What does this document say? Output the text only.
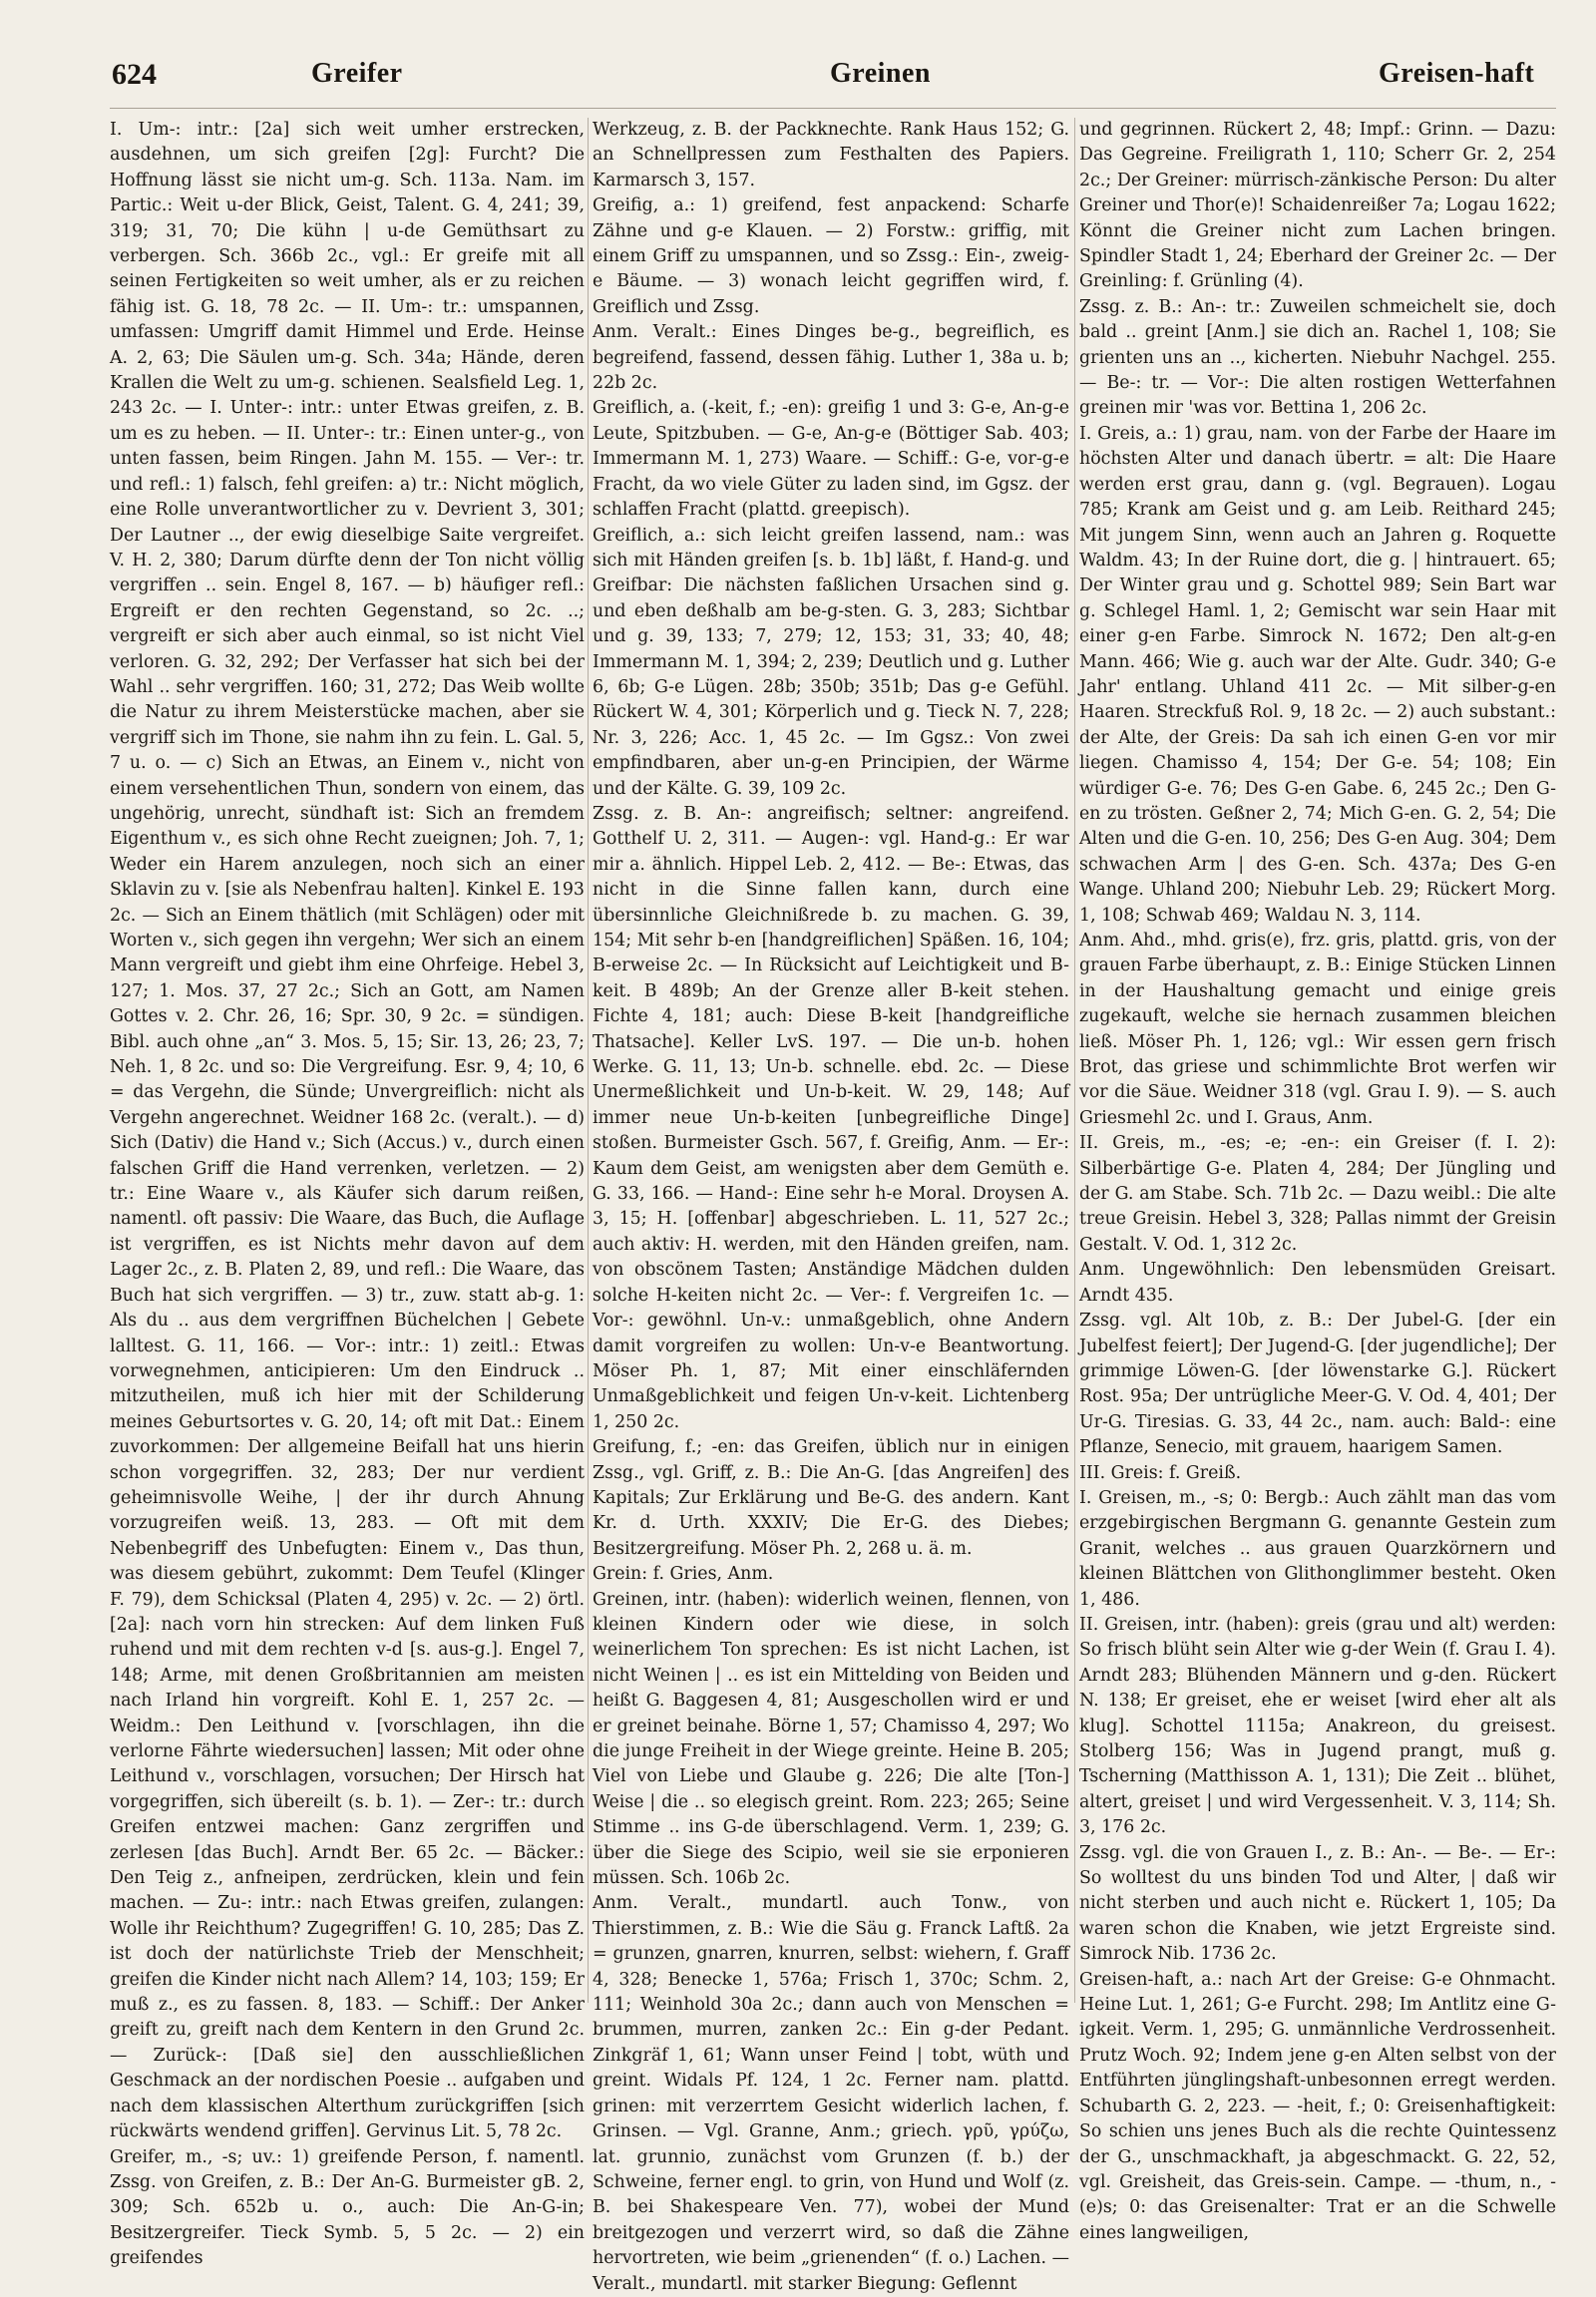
624	Greifer	Greinen	Greisen-haft

I. Um-: intr.: [2a] sich weit umher erstrecken, ausdehnen, um sich greifen [2g]: Furcht? Die Hoffnung lässt sie nicht um-g. Sch. 113a. Nam. im Partic.: Weit u-der Blick, Geist, Talent. G. 4, 241; 39, 319; 31, 70; Die kühn | u-de Gemüthsart zu verbergen. Sch. 366b 2c., vgl.: Er greife mit all seinen Fertigkeiten so weit umher, als er zu reichen fähig ist. G. 18, 78 2c. — II. Um-: tr.: umspannen, umfassen: Umgriff damit Himmel und Erde. Heinse A. 2, 63; Die Säulen um-g. Sch. 34a; Hände, deren Krallen die Welt zu um-g. schienen. Sealsfield Leg. 1, 243 2c. — I. Unter-: intr.: unter Etwas greifen, z. B. um es zu heben. — II. Unter-: tr.: Einen unter-g., von unten fassen, beim Ringen. Jahn M. 155. — Ver-: tr. und refl.: 1) falsch, fehl greifen: a) tr.: Nicht möglich, eine Rolle unverantwortlicher zu v. Devrient 3, 301; Der Lautner .., der ewig dieselbige Saite vergreifet. V. H. 2, 380; Darum dürfte denn der Ton nicht völlig vergriffen .. sein. Engel 8, 167. — b) häufiger refl.: Ergreift er den rechten Gegenstand, so 2c. ..; vergreift er sich aber auch einmal, so ist nicht Viel verloren. G. 32, 292; Der Verfasser hat sich bei der Wahl .. sehr vergriffen. 160; 31, 272; Das Weib wollte die Natur zu ihrem Meisterstücke machen, aber sie vergriff sich im Thone, sie nahm ihn zu fein. L. Gal. 5, 7 u. o. — c) Sich an Etwas, an Einem v., nicht von einem versehentlichen Thun, sondern von einem, das ungehörig, unrecht, sündhaft ist: Sich an fremdem Eigenthum v., es sich ohne Recht zueignen; Joh. 7, 1; Weder ein Harem anzulegen, noch sich an einer Sklavin zu v. [sie als Nebenfrau halten]. Kinkel E. 193 2c. — Sich an Einem thätlich (mit Schlägen) oder mit Worten v., sich gegen ihn vergehn; Wer sich an einem Mann vergreift und giebt ihm eine Ohrfeige. Hebel 3, 127; 1. Mos. 37, 27 2c.; Sich an Gott, am Namen Gottes v. 2. Chr. 26, 16; Spr. 30, 9 2c. = sündigen. Bibl. auch ohne „an“ 3. Mos. 5, 15; Sir. 13, 26; 23, 7; Neh. 1, 8 2c. und so: Die Vergreifung. Esr. 9, 4; 10, 6 = das Vergehn, die Sünde; Unvergreiflich: nicht als Vergehn angerechnet. Weidner 168 2c. (veralt.). — d) Sich (Dativ) die Hand v.; Sich (Accus.) v., durch einen falschen Griff die Hand verrenken, verletzen. — 2) tr.: Eine Waare v., als Käufer sich darum reißen, namentl. oft passiv: Die Waare, das Buch, die Auflage ist vergriffen, es ist Nichts mehr davon auf dem Lager 2c., z. B. Platen 2, 89, und refl.: Die Waare, das Buch hat sich vergriffen. — 3) tr., zuw. statt ab-g. 1: Als du .. aus dem vergriffnen Büchelchen | Gebete lalltest. G. 11, 166. — Vor-: intr.: 1) zeitl.: Etwas vorwegnehmen, anticipieren: Um den Eindruck .. mitzutheilen, muß ich hier mit der Schilderung meines Geburtsortes v. G. 20, 14; oft mit Dat.: Einem zuvorkommen: Der allgemeine Beifall hat uns hierin schon vorgegriffen. 32, 283; Der nur verdient geheimnisvolle Weihe, | der ihr durch Ahnung vorzugreifen weiß. 13, 283. — Oft mit dem Nebenbegriff des Unbefugten: Einem v., Das thun, was diesem gebührt, zukommt: Dem Teufel (Klinger F. 79), dem Schicksal (Platen 4, 295) v. 2c. — 2) örtl. [2a]: nach vorn hin strecken: Auf dem linken Fuß ruhend und mit dem rechten v-d [s. aus-g.]. Engel 7, 148; Arme, mit denen Großbritannien am meisten nach Irland hin vorgreift. Kohl E. 1, 257 2c. — Weidm.: Den Leithund v. [vorschlagen, ihn die verlorne Fährte wiedersuchen] lassen; Mit oder ohne Leithund v., vorschlagen, vorsuchen; Der Hirsch hat vorgegriffen, sich übereilt (s. b. 1). — Zer-: tr.: durch Greifen entzwei machen: Ganz zergriffen und zerlesen [das Buch]. Arndt Ber. 65 2c. — Bäcker.: Den Teig z., anfneipen, zerdrücken, klein und fein machen. — Zu-: intr.: nach Etwas greifen, zulangen: Wolle ihr Reichthum? Zugegriffen! G. 10, 285; Das Z. ist doch der natürlichste Trieb der Menschheit; greifen die Kinder nicht nach Allem? 14, 103; 159; Er muß z., es zu fassen. 8, 183. — Schiff.: Der Anker greift zu, greift nach dem Kentern in den Grund 2c. — Zurück-: [Daß sie] den ausschließlichen Geschmack an der nordischen Poesie .. aufgaben und nach dem klassischen Alterthum zurückgriffen [sich rückwärts wendend griffen]. Gervinus Lit. 5, 78 2c.

Greifer, m., -s; uv.: 1) greifende Person, f. namentl. Zssg. von Greifen, z. B.: Der An-G. Burmeister gB. 2, 309; Sch. 652b u. o., auch: Die An-G-in; Besitzergreifer. Tieck Symb. 5, 5 2c. — 2) ein greifendes

Werkzeug, z. B. der Packknechte. Rank Haus 152; G. an Schnellpressen zum Festhalten des Papiers. Karmarsch 3, 157.

Greifig, a.: 1) greifend, fest anpackend: Scharfe Zähne und g-e Klauen. — 2) Forstw.: griffig, mit einem Griff zu umspannen, und so Zssg.: Ein-, zweig-e Bäume. — 3) wonach leicht gegriffen wird, f. Greiflich und Zssg.

Anm. Veralt.: Eines Dinges be-g., begreiflich, es begreifend, fassend, dessen fähig. Luther 1, 38a u. b; 22b 2c.

Greiflich, a. (-keit, f.; -en): greifig 1 und 3: G-e, An-g-e Leute, Spitzbuben. — G-e, An-g-e (Böttiger Sab. 403; Immermann M. 1, 273) Waare. — Schiff.: G-e, vor-g-e Fracht, da wo viele Güter zu laden sind, im Ggsz. der schlaffen Fracht (plattd. greepisch).

Greiflich, a.: sich leicht greifen lassend, nam.: was sich mit Händen greifen [s. b. 1b] läßt, f. Hand-g. und Greifbar: Die nächsten faßlichen Ursachen sind g. und eben deßhalb am be-g-sten. G. 3, 283; Sichtbar und g. 39, 133; 7, 279; 12, 153; 31, 33; 40, 48; Immermann M. 1, 394; 2, 239; Deutlich und g. Luther 6, 6b; G-e Lügen. 28b; 350b; 351b; Das g-e Gefühl. Rückert W. 4, 301; Körperlich und g. Tieck N. 7, 228; Nr. 3, 226; Acc. 1, 45 2c. — Im Ggsz.: Von zwei empfindbaren, aber un-g-en Principien, der Wärme und der Kälte. G. 39, 109 2c.

Zssg. z. B. An-: angreifisch; seltner: angreifend. Gotthelf U. 2, 311. — Augen-: vgl. Hand-g.: Er war mir a. ähnlich. Hippel Leb. 2, 412. — Be-: Etwas, das nicht in die Sinne fallen kann, durch eine übersinnliche Gleichnißrede b. zu machen. G. 39, 154; Mit sehr b-en [handgreiflichen] Späßen. 16, 104; B-erweise 2c. — In Rücksicht auf Leichtigkeit und B-keit. B 489b; An der Grenze aller B-keit stehen. Fichte 4, 181; auch: Diese B-keit [handgreifliche Thatsache]. Keller LvS. 197. — Die un-b. hohen Werke. G. 11, 13; Un-b. schnelle. ebd. 2c. — Diese Unermeßlichkeit und Un-b-keit. W. 29, 148; Auf immer neue Un-b-keiten [unbegreifliche Dinge] stoßen. Burmeister Gsch. 567, f. Greifig, Anm. — Er-: Kaum dem Geist, am wenigsten aber dem Gemüth e. G. 33, 166. — Hand-: Eine sehr h-e Moral. Droysen A. 3, 15; H. [offenbar] abgeschrieben. L. 11, 527 2c.; auch aktiv: H. werden, mit den Händen greifen, nam. von obscönem Tasten; Anständige Mädchen dulden solche H-keiten nicht 2c. — Ver-: f. Vergreifen 1c. — Vor-: gewöhnl. Un-v.: unmaßgeblich, ohne Andern damit vorgreifen zu wollen: Un-v-e Beantwortung. Möser Ph. 1, 87; Mit einer einschläfernden Unmaßgeblichkeit und feigen Un-v-keit. Lichtenberg 1, 250 2c.

Greifung, f.; -en: das Greifen, üblich nur in einigen Zssg., vgl. Griff, z. B.: Die An-G. [das Angreifen] des Kapitals; Zur Erklärung und Be-G. des andern. Kant Kr. d. Urth. XXXIV; Die Er-G. des Diebes; Besitzergreifung. Möser Ph. 2, 268 u. ä. m.

Grein: f. Gries, Anm.

Greinen, intr. (haben): widerlich weinen, flennen, von kleinen Kindern oder wie diese, in solch weinerlichem Ton sprechen: Es ist nicht Lachen, ist nicht Weinen | .. es ist ein Mittelding von Beiden und heißt G. Baggesen 4, 81; Ausgeschollen wird er und er greinet beinahe. Börne 1, 57; Chamisso 4, 297; Wo die junge Freiheit in der Wiege greinte. Heine B. 205; Viel von Liebe und Glaube g. 226; Die alte [Ton-] Weise | die .. so elegisch greint. Rom. 223; 265; Seine Stimme .. ins G-de überschlagend. Verm. 1, 239; G. über die Siege des Scipio, weil sie sie erponieren müssen. Sch. 106b 2c.

Anm. Veralt., mundartl. auch Tonw., von Thierstimmen, z. B.: Wie die Säu g. Franck Laftß. 2a = grunzen, gnarren, knurren, selbst: wiehern, f. Graff 4, 328; Benecke 1, 576a; Frisch 1, 370c; Schm. 2, 111; Weinhold 30a 2c.; dann auch von Menschen = brummen, murren, zanken 2c.: Ein g-der Pedant. Zinkgräf 1, 61; Wann unser Feind | tobt, wüth und greint. Widals Pf. 124, 1 2c. Ferner nam. plattd. grinen: mit verzerrtem Gesicht widerlich lachen, f. Grinsen. — Vgl. Granne, Anm.; griech. γρῦ, γρύζω, lat. grunnio, zunächst vom Grunzen (f. b.) der Schweine, ferner engl. to grin, von Hund und Wolf (z. B. bei Shakespeare Ven. 77), wobei der Mund breitgezogen und verzerrt wird, so daß die Zähne hervortreten, wie beim „grienenden“ (f. o.) Lachen. — Veralt., mundartl. mit starker Biegung: Geflennt

und gegrinnen. Rückert 2, 48; Impf.: Grinn. — Dazu: Das Gegreine. Freiligrath 1, 110; Scherr Gr. 2, 254 2c.; Der Greiner: mürrisch-zänkische Person: Du alter Greiner und Thor(e)! Schaidenreißer 7a; Logau 1622; Könnt die Greiner nicht zum Lachen bringen. Spindler Stadt 1, 24; Eberhard der Greiner 2c. — Der Greinling: f. Grünling (4).

Zssg. z. B.: An-: tr.: Zuweilen schmeichelt sie, doch bald .. greint [Anm.] sie dich an. Rachel 1, 108; Sie grienten uns an .., kicherten. Niebuhr Nachgel. 255. — Be-: tr. — Vor-: Die alten rostigen Wetterfahnen greinen mir 'was vor. Bettina 1, 206 2c.

I. Greis, a.: 1) grau, nam. von der Farbe der Haare im höchsten Alter und danach übertr. = alt: Die Haare werden erst grau, dann g. (vgl. Begrauen). Logau 785; Krank am Geist und g. am Leib. Reithard 245; Mit jungem Sinn, wenn auch an Jahren g. Roquette Waldm. 43; In der Ruine dort, die g. | hintrauert. 65; Der Winter grau und g. Schottel 989; Sein Bart war g. Schlegel Haml. 1, 2; Gemischt war sein Haar mit einer g-en Farbe. Simrock N. 1672; Den alt-g-en Mann. 466; Wie g. auch war der Alte. Gudr. 340; G-e Jahr' entlang. Uhland 411 2c. — Mit silber-g-en Haaren. Streckfuß Rol. 9, 18 2c. — 2) auch substant.: der Alte, der Greis: Da sah ich einen G-en vor mir liegen. Chamisso 4, 154; Der G-e. 54; 108; Ein würdiger G-e. 76; Des G-en Gabe. 6, 245 2c.; Den G-en zu trösten. Geßner 2, 74; Mich G-en. G. 2, 54; Die Alten und die G-en. 10, 256; Des G-en Aug. 304; Dem schwachen Arm | des G-en. Sch. 437a; Des G-en Wange. Uhland 200; Niebuhr Leb. 29; Rückert Morg. 1, 108; Schwab 469; Waldau N. 3, 114.

Anm. Ahd., mhd. gris(e), frz. gris, plattd. gris, von der grauen Farbe überhaupt, z. B.: Einige Stücken Linnen in der Haushaltung gemacht und einige greis zugekauft, welche sie hernach zusammen bleichen ließ. Möser Ph. 1, 126; vgl.: Wir essen gern frisch Brot, das griese und schimmlichte Brot werfen wir vor die Säue. Weidner 318 (vgl. Grau I. 9). — S. auch Griesmehl 2c. und I. Graus, Anm.

II. Greis, m., -es; -e; -en-: ein Greiser (f. I. 2): Silberbärtige G-e. Platen 4, 284; Der Jüngling und der G. am Stabe. Sch. 71b 2c. — Dazu weibl.: Die alte treue Greisin. Hebel 3, 328; Pallas nimmt der Greisin Gestalt. V. Od. 1, 312 2c.

Anm. Ungewöhnlich: Den lebensmüden Greisart. Arndt 435.

Zssg. vgl. Alt 10b, z. B.: Der Jubel-G. [der ein Jubelfest feiert]; Der Jugend-G. [der jugendliche]; Der grimmige Löwen-G. [der löwenstarke G.]. Rückert Rost. 95a; Der untrügliche Meer-G. V. Od. 4, 401; Der Ur-G. Tiresias. G. 33, 44 2c., nam. auch: Bald-: eine Pflanze, Senecio, mit grauem, haarigem Samen.

III. Greis: f. Greiß.

I. Greisen, m., -s; 0: Bergb.: Auch zählt man das vom erzgebirgischen Bergmann G. genannte Gestein zum Granit, welches .. aus grauen Quarzkörnern und kleinen Blättchen von Glithonglimmer besteht. Oken 1, 486.

II. Greisen, intr. (haben): greis (grau und alt) werden: So frisch blüht sein Alter wie g-der Wein (f. Grau I. 4). Arndt 283; Blühenden Männern und g-den. Rückert N. 138; Er greiset, ehe er weiset [wird eher alt als klug]. Schottel 1115a; Anakreon, du greisest. Stolberg 156; Was in Jugend prangt, muß g. Tscherning (Matthisson A. 1, 131); Die Zeit .. blühet, altert, greiset | und wird Vergessenheit. V. 3, 114; Sh. 3, 176 2c.

Zssg. vgl. die von Grauen I., z. B.: An-. — Be-. — Er-: So wolltest du uns binden Tod und Alter, | daß wir nicht sterben und auch nicht e. Rückert 1, 105; Da waren schon die Knaben, wie jetzt Ergreiste sind. Simrock Nib. 1736 2c.

Greisen-haft, a.: nach Art der Greise: G-e Ohnmacht. Heine Lut. 1, 261; G-e Furcht. 298; Im Antlitz eine G-igkeit. Verm. 1, 295; G. unmännliche Verdrossenheit. Prutz Woch. 92; Indem jene g-en Alten selbst von der Entführten jünglingshaft-unbesonnen erregt werden. Schubarth G. 2, 223. — -heit, f.; 0: Greisenhaftigkeit: So schien uns jenes Buch als die rechte Quintessenz der G., unschmackhaft, ja abgeschmackt. G. 22, 52, vgl. Greisheit, das Greis-sein. Campe. — -thum, n., -(e)s; 0: das Greisenalter: Trat er an die Schwelle eines langweiligen,
